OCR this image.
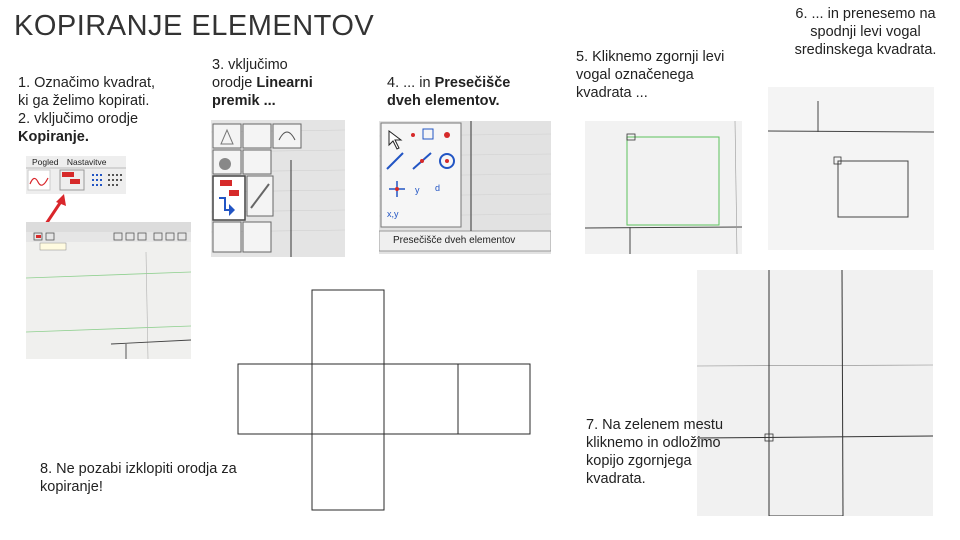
KOPIRANJE ELEMENTOV
1. Označimo kvadrat,
ki ga želimo kopirati.
2. vključimo orodje
Kopiranje.
Pogled Nastavitve
3. vključimo
orodje Linearni
premik ...
4. ... in Presečišče
dveh elementov.
y d
x,y
Presečišče dveh elementov
5. Kliknemo zgornji levi
vogal označenega
kvadrata ...
6. ... in prenesemo na
spodnji levi vogal
sredinskega kvadrata.
8. Ne pozabi izklopiti orodja za
kopiranje!
7. Na zelenem mestu
kliknemo in odložimo
kopijo zgornjega
kvadrata.
